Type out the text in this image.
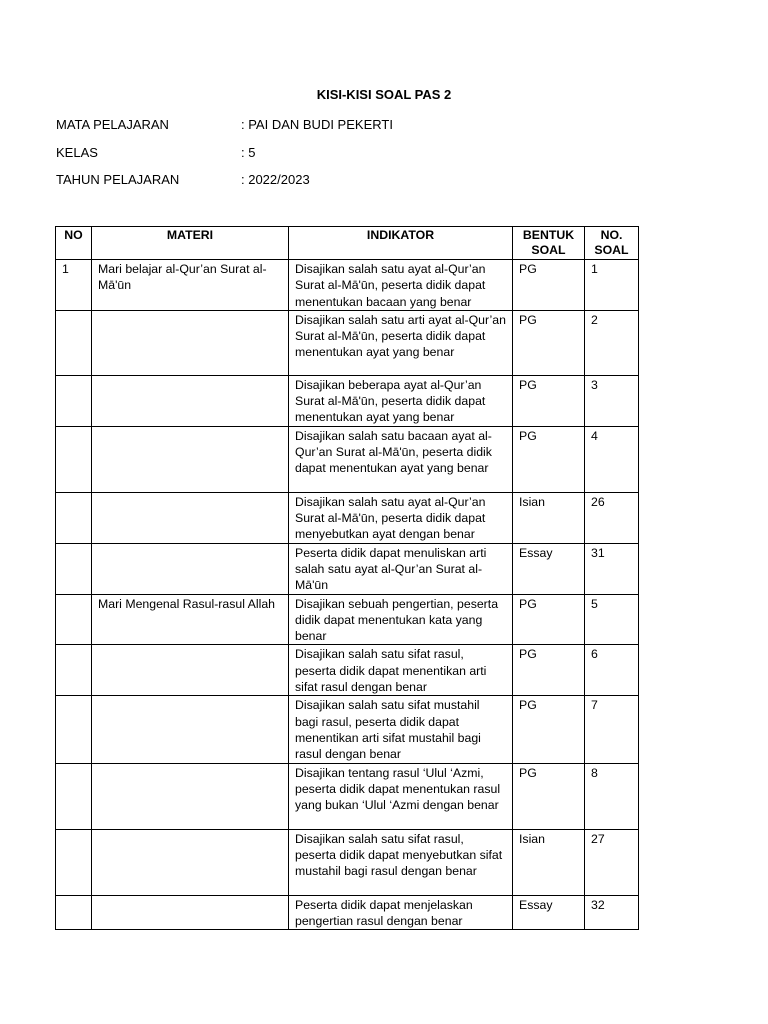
KISI-KISI SOAL PAS 2
MATA PELAJARAN	: PAI DAN BUDI PEKERTI
KELAS	: 5
TAHUN PELAJARAN	: 2022/2023
NO	MATERI	INDIKATOR	BENTUK SOAL	NO. SOAL
1	Mari belajar al-Qur’an Surat al-Mā'ūn	Disajikan salah satu ayat al-Qur’an Surat al-Mā'ūn, peserta didik dapat menentukan bacaan yang benar	PG	1
		Disajikan salah satu arti ayat al-Qur’an Surat al-Mā'ūn, peserta didik dapat menentukan ayat yang benar	PG	2
		Disajikan beberapa ayat al-Qur’an Surat al-Mā'ūn, peserta didik dapat menentukan ayat yang benar	PG	3
		Disajikan salah satu bacaan ayat al-Qur’an Surat al-Mā'ūn, peserta didik dapat menentukan ayat yang benar	PG	4
		Disajikan salah satu ayat al-Qur’an Surat al-Mā'ūn, peserta didik dapat menyebutkan ayat dengan benar	Isian	26
		Peserta didik dapat menuliskan arti salah satu ayat al-Qur’an Surat al-Mā'ūn	Essay	31
	Mari Mengenal Rasul-rasul Allah	Disajikan sebuah pengertian, peserta didik dapat menentukan kata yang benar	PG	5
		Disajikan salah satu sifat rasul, peserta didik dapat menentikan arti sifat rasul dengan benar	PG	6
		Disajikan salah satu sifat mustahil bagi rasul, peserta didik dapat menentikan arti sifat mustahil bagi rasul dengan benar	PG	7
		Disajikan tentang rasul ‘Ulul ‘Azmi, peserta didik dapat menentukan rasul yang bukan ‘Ulul ‘Azmi dengan benar	PG	8
		Disajikan salah satu sifat rasul, peserta didik dapat menyebutkan sifat mustahil bagi rasul dengan benar	Isian	27
		Peserta didik dapat menjelaskan pengertian rasul dengan benar	Essay	32
